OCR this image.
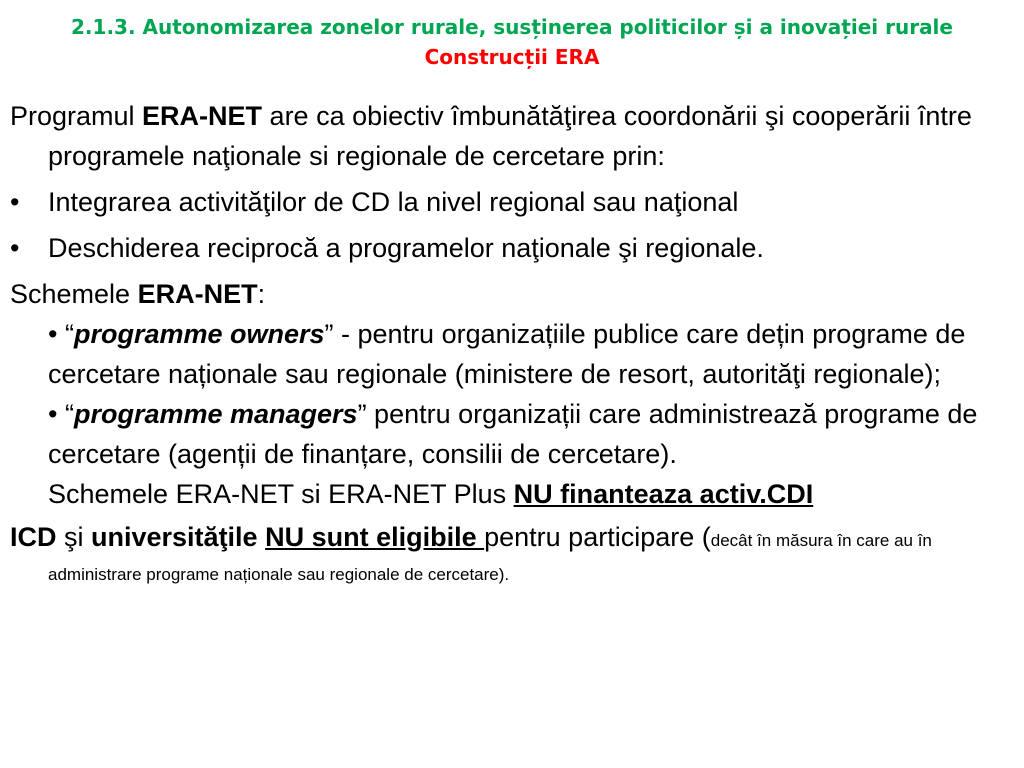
2.1.3. Autonomizarea zonelor rurale, susținerea politicilor și a inovației rurale
Construcții ERA

Programul ERA-NET are ca obiectiv îmbunătăţirea coordonării şi cooperării între programele naţionale si regionale de cercetare prin:

•	Integrarea activităţilor de CD la nivel regional sau naţional

•	Deschiderea reciprocă a programelor naţionale şi regionale.

Schemele ERA-NET:

• “programme owners” - pentru organizațiile publice care dețin programe de cercetare naționale sau regionale (ministere de resort, autorităţi regionale);

• “programme managers” pentru organizații care administrează programe de cercetare (agenții de finanțare, consilii de cercetare).

Schemele ERA-NET si ERA-NET Plus NU finanteaza activ.CDI

ICD şi universităţile NU sunt eligibile pentru participare (decât în măsura în care au în administrare programe naționale sau regionale de cercetare).
